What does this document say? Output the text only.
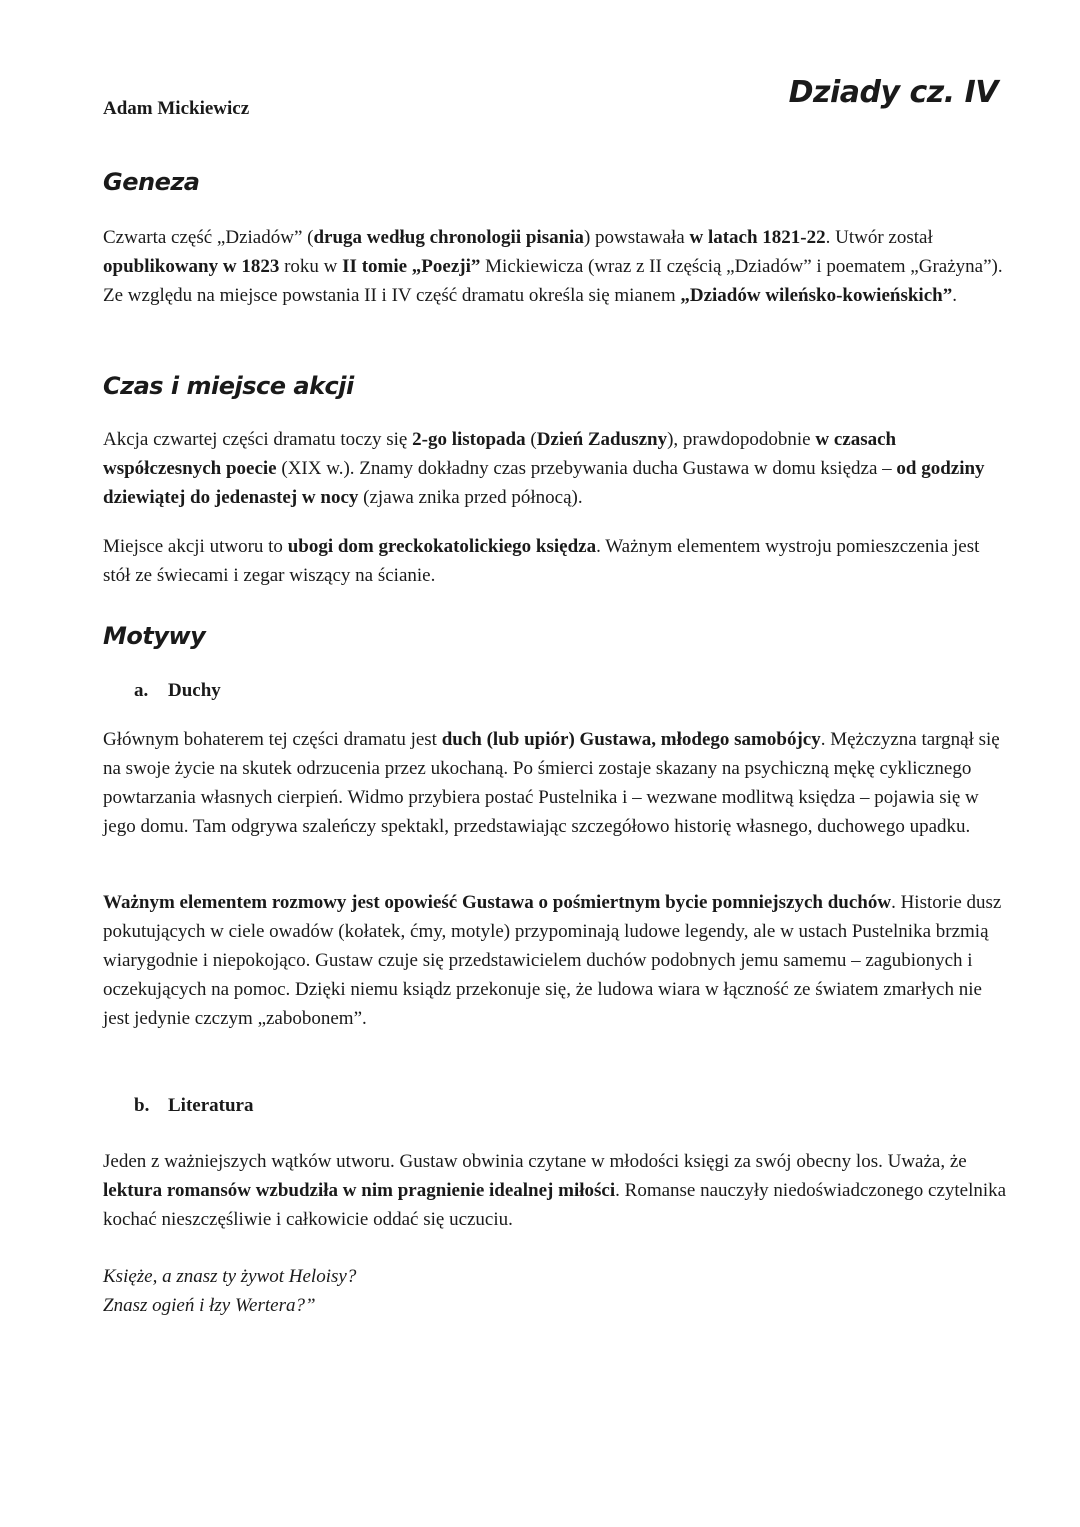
Adam Mickiewicz	Dziady cz. IV
Geneza

Czwarta część „Dziadów” (druga według chronologii pisania) powstawała w latach 1821-22. Utwór został opublikowany w 1823 roku w II tomie „Poezji” Mickiewicza (wraz z II częścią „Dziadów” i poematem „Grażyna”). Ze względu na miejsce powstania II i IV część dramatu określa się mianem „Dziadów wileńsko-kowieńskich”.

Czas i miejsce akcji

Akcja czwartej części dramatu toczy się 2-go listopada (Dzień Zaduszny), prawdopodobnie w czasach współczesnych poecie (XIX w.). Znamy dokładny czas przebywania ducha Gustawa w domu księdza – od godziny dziewiątej do jedenastej w nocy (zjawa znika przed północą).

Miejsce akcji utworu to ubogi dom greckokatolickiego księdza. Ważnym elementem wystroju pomieszczenia jest stół ze świecami i zegar wiszący na ścianie.

Motywy

a. Duchy

Głównym bohaterem tej części dramatu jest duch (lub upiór) Gustawa, młodego samobójcy. Mężczyzna targnął się na swoje życie na skutek odrzucenia przez ukochaną. Po śmierci zostaje skazany na psychiczną mękę cyklicznego powtarzania własnych cierpień. Widmo przybiera postać Pustelnika i – wezwane modlitwą księdza – pojawia się w jego domu. Tam odgrywa szaleńczy spektakl, przedstawiając szczegółowo historię własnego, duchowego upadku.

Ważnym elementem rozmowy jest opowieść Gustawa o pośmiertnym bycie pomniejszych duchów. Historie dusz pokutujących w ciele owadów (kołatek, ćmy, motyle) przypominają ludowe legendy, ale w ustach Pustelnika brzmią wiarygodnie i niepokojąco. Gustaw czuje się przedstawicielem duchów podobnych jemu samemu – zagubionych i oczekujących na pomoc. Dzięki niemu ksiądz przekonuje się, że ludowa wiara w łączność ze światem zmarłych nie jest jedynie czczym „zabobonem”.

b. Literatura

Jeden z ważniejszych wątków utworu. Gustaw obwinia czytane w młodości księgi za swój obecny los. Uważa, że lektura romansów wzbudziła w nim pragnienie idealnej miłości. Romanse nauczyły niedoświadczonego czytelnika kochać nieszczęśliwie i całkowicie oddać się uczuciu.

Księże, a znasz ty żywot Heloisy?
Znasz ogień i łzy Wertera?”
